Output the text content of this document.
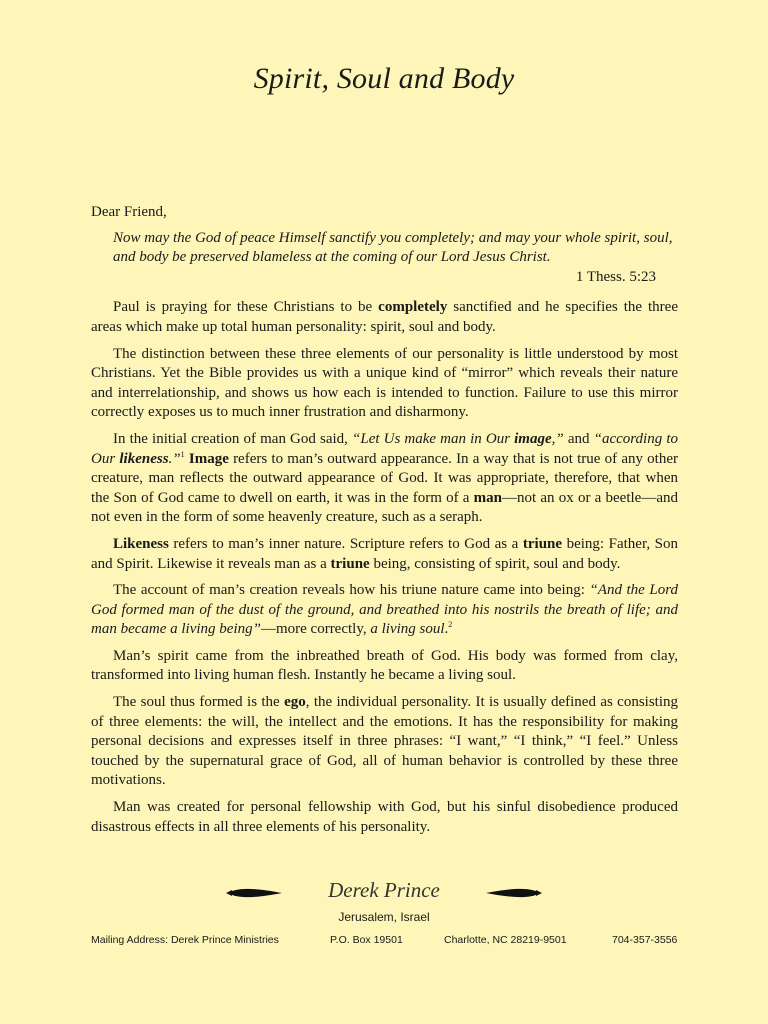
Spirit, Soul and Body

Dear Friend,

Now may the God of peace Himself sanctify you completely; and may your whole spirit, soul, and body be preserved blameless at the coming of our Lord Jesus Christ.

1 Thess. 5:23

Paul is praying for these Christians to be completely sanctified and he specifies the three areas which make up total human personality: spirit, soul and body.

The distinction between these three elements of our personality is little understood by most Christians. Yet the Bible provides us with a unique kind of “mirror” which reveals their nature and interrelationship, and shows us how each is intended to function. Failure to use this mirror correctly exposes us to much inner frustration and disharmony.

In the initial creation of man God said, “Let Us make man in Our image,” and “according to Our likeness.”$^1$ Image refers to man’s outward appearance. In a way that is not true of any other creature, man reflects the outward appearance of God. It was appropriate, therefore, that when the Son of God came to dwell on earth, it was in the form of a man—not an ox or a beetle—and not even in the form of some heavenly creature, such as a seraph.

Likeness refers to man’s inner nature. Scripture refers to God as a triune being: Father, Son and Spirit. Likewise it reveals man as a triune being, consisting of spirit, soul and body.

The account of man’s creation reveals how his triune nature came into being: “And the Lord God formed man of the dust of the ground, and breathed into his nostrils the breath of life; and man became a living being”—more correctly, a living soul.$^2$

Man’s spirit came from the inbreathed breath of God. His body was formed from clay, transformed into living human flesh. Instantly he became a living soul.

The soul thus formed is the ego, the individual personality. It is usually defined as consisting of three elements: the will, the intellect and the emotions. It has the responsibility for making personal decisions and expresses itself in three phrases: “I want,” “I think,” “I feel.” Unless touched by the supernatural grace of God, all of human behavior is controlled by these three motivations.

Man was created for personal fellowship with God, but his sinful disobedience produced disastrous effects in all three elements of his personality.

Derek Prince
Jerusalem, Israel
Mailing Address: Derek Prince Ministries	P.O. Box 19501	Charlotte, NC 28219-9501	704-357-3556
